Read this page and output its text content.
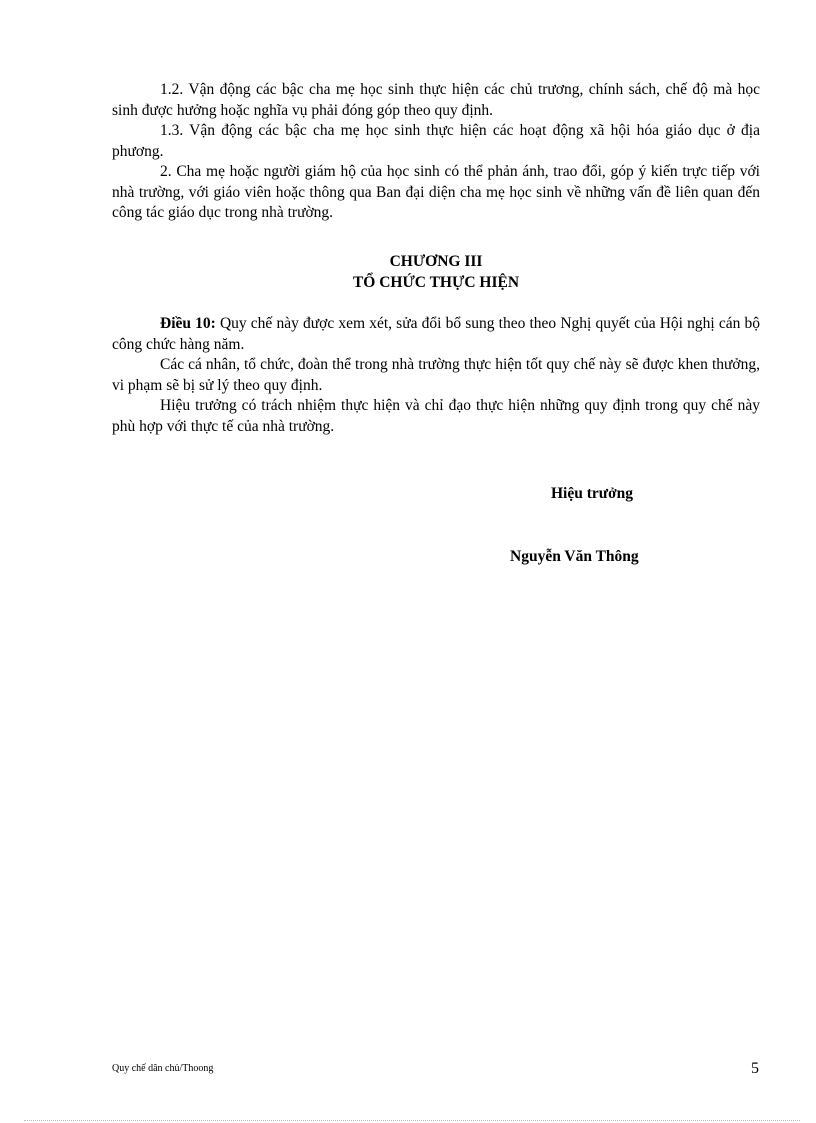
1.2. Vận động các bậc cha mẹ học sinh thực hiện các chủ trương, chính sách, chế độ mà học sinh được hưởng hoặc nghĩa vụ phải đóng góp theo quy định.

1.3. Vận động các bậc cha mẹ học sinh thực hiện các hoạt động xã hội hóa giáo dục ở địa phương.

2. Cha mẹ hoặc người giám hộ của học sinh có thể phản ánh, trao đổi, góp ý kiến trực tiếp với nhà trường, với giáo viên hoặc thông qua Ban đại diện cha mẹ học sinh về những vấn đề liên quan đến công tác giáo dục trong nhà trường.

CHƯƠNG III
TỔ CHỨC THỰC HIỆN

Điều 10: Quy chế này được xem xét, sửa đổi bổ sung theo theo Nghị quyết của Hội nghị cán bộ công chức hàng năm.

Các cá nhân, tổ chức, đoàn thể trong nhà trường thực hiện tốt quy chế này sẽ được khen thưởng, vi phạm sẽ bị sử lý theo quy định.

Hiệu trưởng có trách nhiệm thực hiện và chỉ đạo thực hiện những quy định trong quy chế này phù hợp với thực tế của nhà trường.

Hiệu trưởng
Nguyễn Văn Thông
Quy chế dân chủ/Thoong	5
